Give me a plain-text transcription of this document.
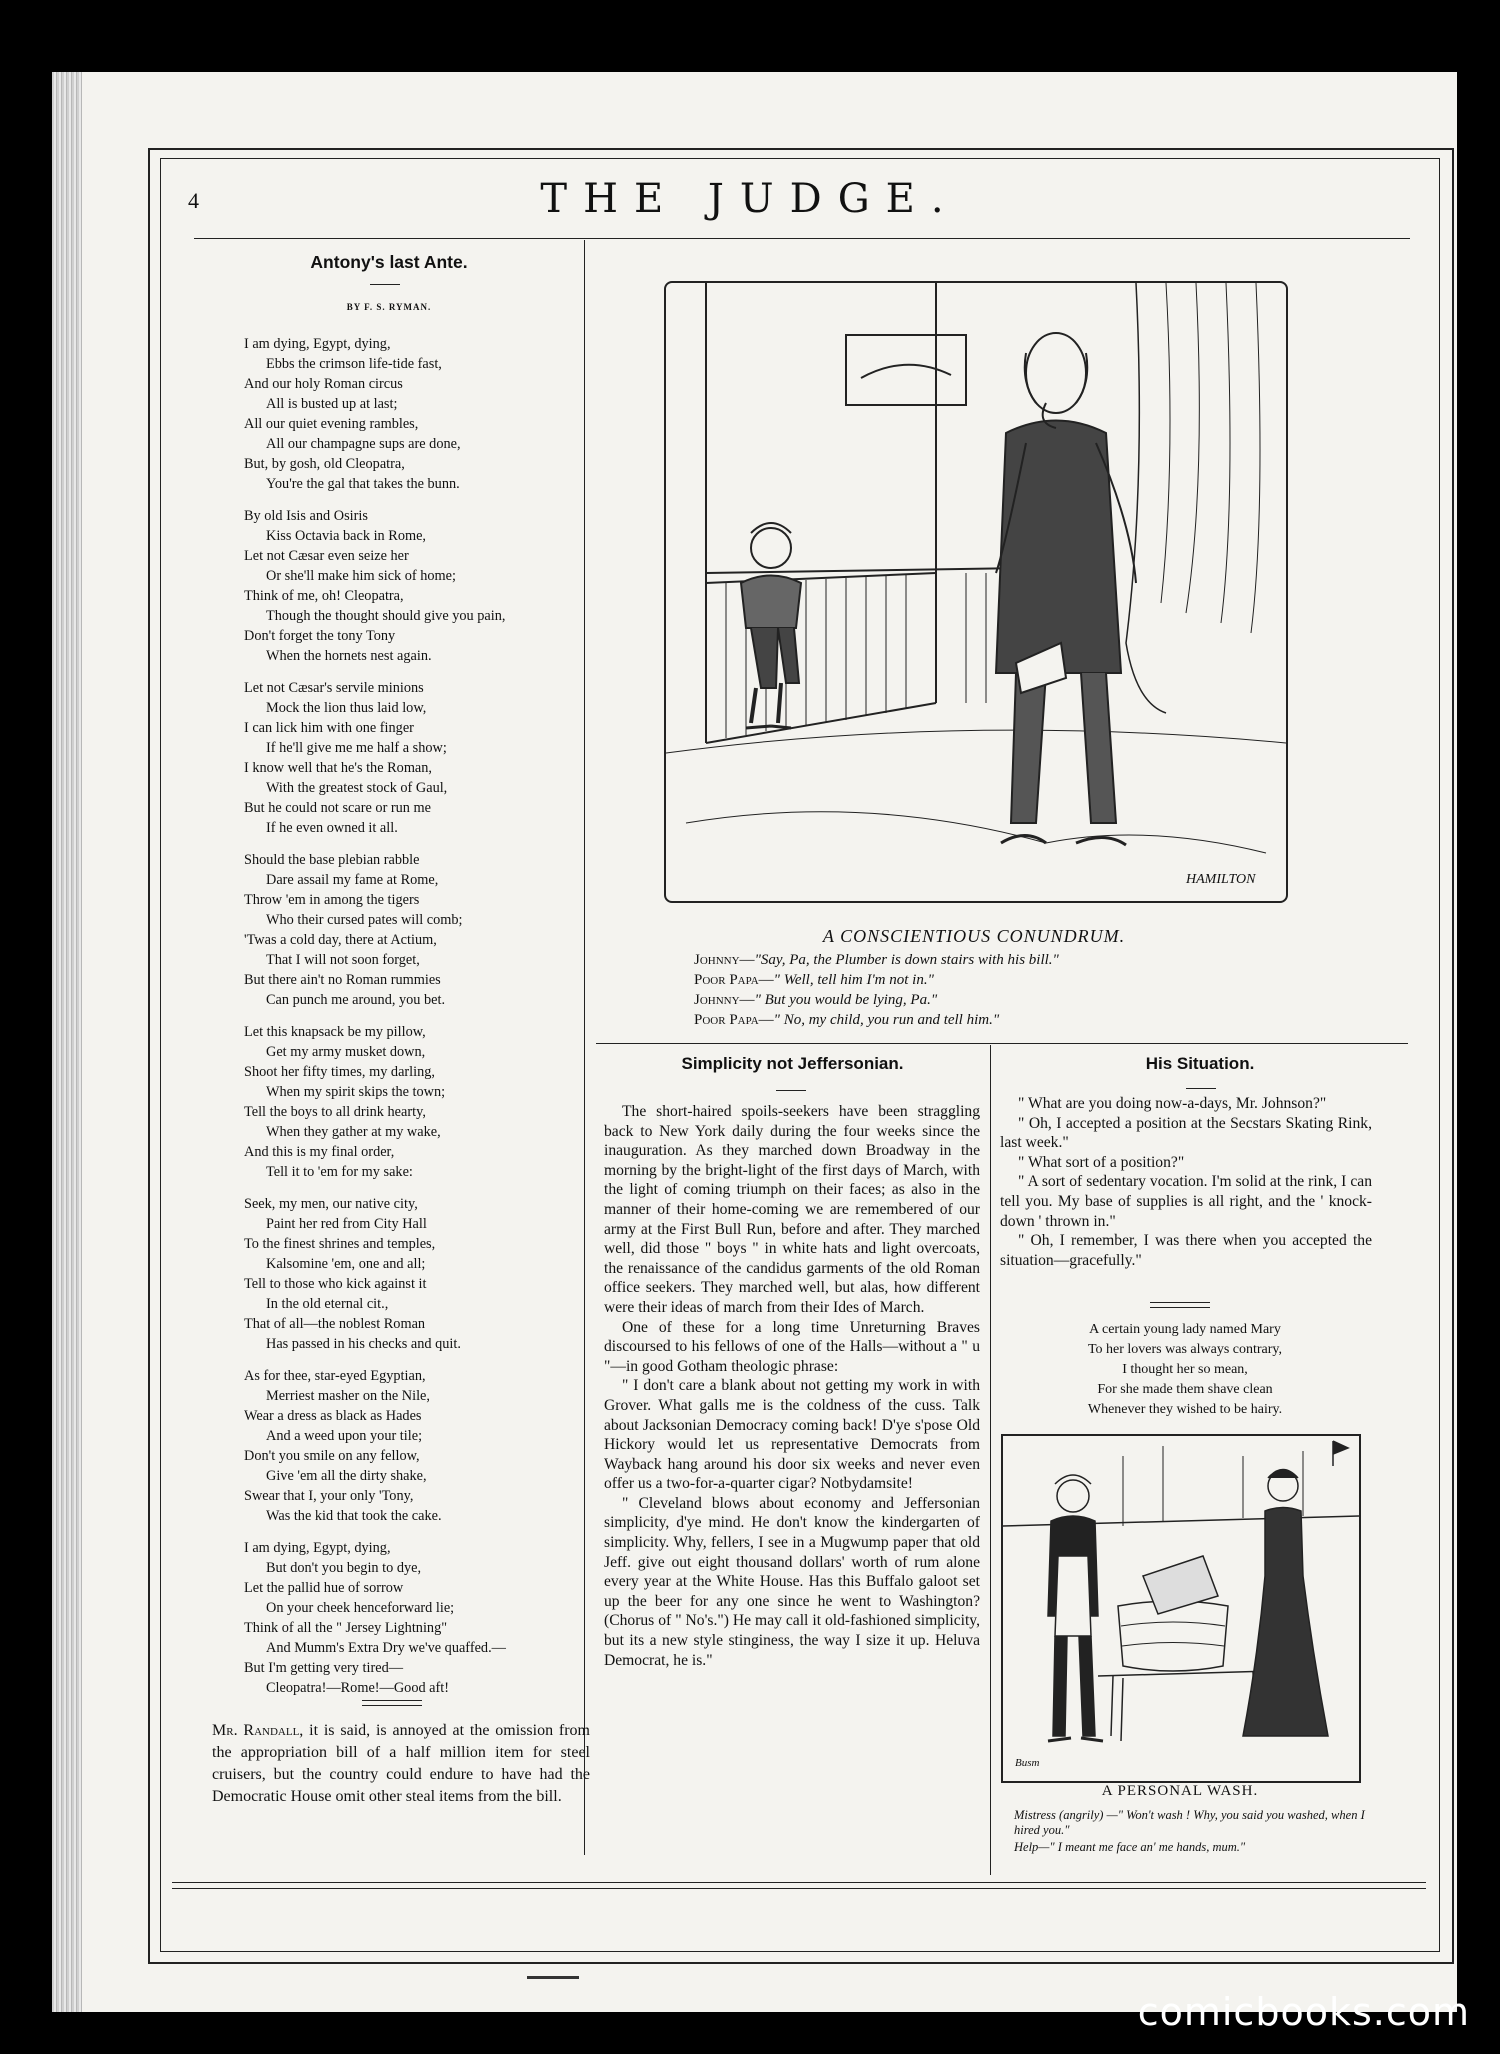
4	THE JUDGE.
Antony's last Ante.
BY F. S. RYMAN.
I am dying, Egypt, dying,
Ebbs the crimson life-tide fast,
And our holy Roman circus
All is busted up at last;
All our quiet evening rambles,
All our champagne sups are done,
But, by gosh, old Cleopatra,
You're the gal that takes the bunn.
By old Isis and Osiris
Kiss Octavia back in Rome,
Let not Cæsar even seize her
Or she'll make him sick of home;
Think of me, oh! Cleopatra,
Though the thought should give you pain,
Don't forget the tony Tony
When the hornets nest again.
Let not Cæsar's servile minions
Mock the lion thus laid low,
I can lick him with one finger
If he'll give me me half a show;
I know well that he's the Roman,
With the greatest stock of Gaul,
But he could not scare or run me
If he even owned it all.
Should the base plebian rabble
Dare assail my fame at Rome,
Throw 'em in among the tigers
Who their cursed pates will comb;
'Twas a cold day, there at Actium,
That I will not soon forget,
But there ain't no Roman rummies
Can punch me around, you bet.
Let this knapsack be my pillow,
Get my army musket down,
Shoot her fifty times, my darling,
When my spirit skips the town;
Tell the boys to all drink hearty,
When they gather at my wake,
And this is my final order,
Tell it to 'em for my sake:
Seek, my men, our native city,
Paint her red from City Hall
To the finest shrines and temples,
Kalsomine 'em, one and all;
Tell to those who kick against it
In the old eternal cit.,
That of all—the noblest Roman
Has passed in his checks and quit.
As for thee, star-eyed Egyptian,
Merriest masher on the Nile,
Wear a dress as black as Hades
And a weed upon your tile;
Don't you smile on any fellow,
Give 'em all the dirty shake,
Swear that I, your only 'Tony,
Was the kid that took the cake.
I am dying, Egypt, dying,
But don't you begin to dye,
Let the pallid hue of sorrow
On your cheek henceforward lie;
Think of all the " Jersey Lightning"
And Mumm's Extra Dry we've quaffed.—
But I'm getting very tired—
Cleopatra!—Rome!—Good aft!

Mr. Randall, it is said, is annoyed at the omission from the appropriation bill of a half million item for steel cruisers, but the country could endure to have had the Democratic House omit other steal items from the bill.

HAMILTON
A CONSCIENTIOUS CONUNDRUM.
Johnny—"Say, Pa, the Plumber is down stairs with his bill."
Poor Papa—" Well, tell him I'm not in."
Johnny—" But you would be lying, Pa."
Poor Papa—" No, my child, you run and tell him."
Simplicity not Jeffersonian.

The short-haired spoils-seekers have been straggling back to New York daily during the four weeks since the inauguration. As they marched down Broadway in the morning by the bright-light of the first days of March, with the light of coming triumph on their faces; as also in the manner of their home-coming we are remembered of our army at the First Bull Run, before and after. They marched well, did those " boys " in white hats and light overcoats, the renaissance of the candidus garments of the old Roman office seekers. They marched well, but alas, how different were their ideas of march from their Ides of March.

One of these for a long time Unreturning Braves discoursed to his fellows of one of the Halls—without a " u "—in good Gotham theologic phrase:

" I don't care a blank about not getting my work in with Grover. What galls me is the coldness of the cuss. Talk about Jacksonian Democracy coming back! D'ye s'pose Old Hickory would let us representative Democrats from Wayback hang around his door six weeks and never even offer us a two-for-a-quarter cigar? Notbydamsite!

" Cleveland blows about economy and Jeffersonian simplicity, d'ye mind. He don't know the kindergarten of simplicity. Why, fellers, I see in a Mugwump paper that old Jeff. give out eight thousand dollars' worth of rum alone every year at the White House. Has this Buffalo galoot set up the beer for any one since he went to Washington? (Chorus of " No's.") He may call it old-fashioned simplicity, but its a new style stinginess, the way I size it up. Heluva Democrat, he is."

His Situation.

" What are you doing now-a-days, Mr. Johnson?"

" Oh, I accepted a position at the Secstars Skating Rink, last week."

" What sort of a position?"

" A sort of sedentary vocation. I'm solid at the rink, I can tell you. My base of supplies is all right, and the ' knock-down ' thrown in."

" Oh, I remember, I was there when you accepted the situation—gracefully."

A certain young lady named Mary
To her lovers was always contrary,
I thought her so mean,
For she made them shave clean
Whenever they wished to be hairy.
Busm
A PERSONAL WASH.
Mistress (angrily) —" Won't wash ! Why, you said you washed, when I hired you."
Help—" I meant me face an' me hands, mum."
comicbooks.com
